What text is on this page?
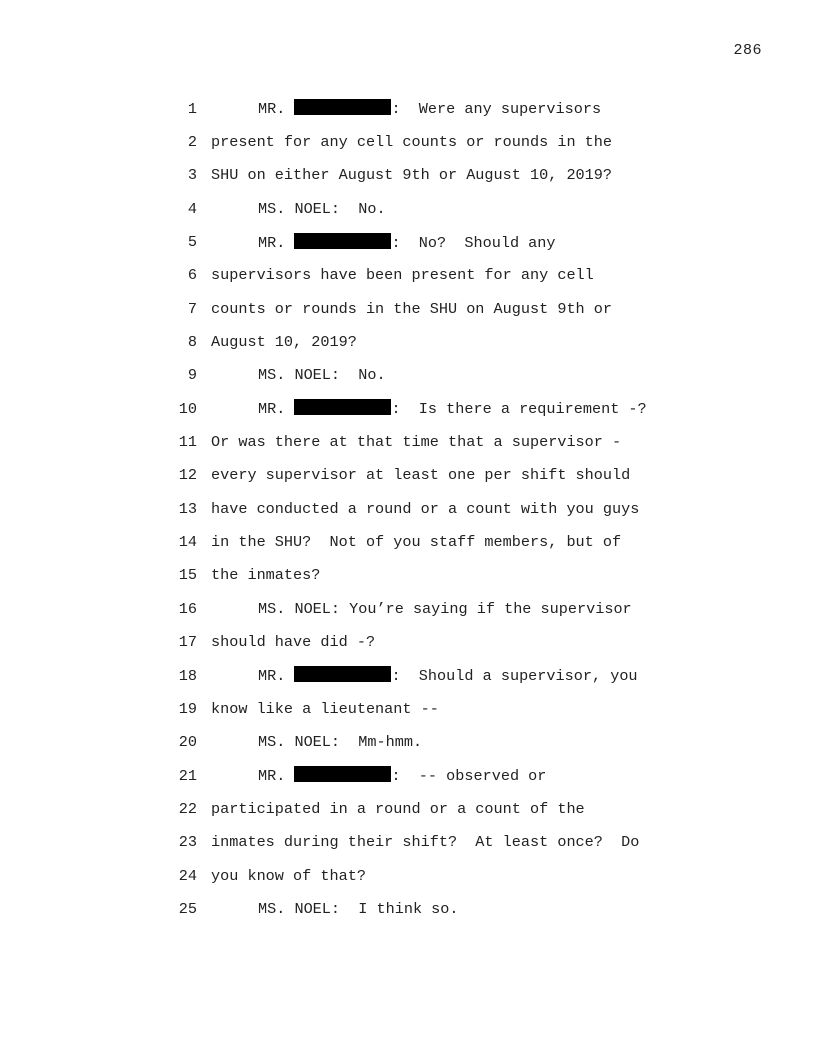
286
1	MR.	:  Were any supervisors
2 present for any cell counts or rounds in the
3 SHU on either August 9th or August 10, 2019?
4	MS. NOEL:  No.
5	MR.	:  No?  Should any
6 supervisors have been present for any cell
7 counts or rounds in the SHU on August 9th or
8 August 10, 2019?
9	MS. NOEL:  No.
10	MR.	:  Is there a requirement -?
11 Or was there at that time that a supervisor -
12 every supervisor at least one per shift should
13 have conducted a round or a count with you guys
14 in the SHU?  Not of you staff members, but of
15 the inmates?
16	MS. NOEL: You’re saying if the supervisor
17 should have did -?
18	MR.	:  Should a supervisor, you
19 know like a lieutenant --
20	MS. NOEL:  Mm-hmm.
21	MR.	:  -- observed or
22 participated in a round or a count of the
23 inmates during their shift?  At least once?  Do
24 you know of that?
25	MS. NOEL:  I think so.
